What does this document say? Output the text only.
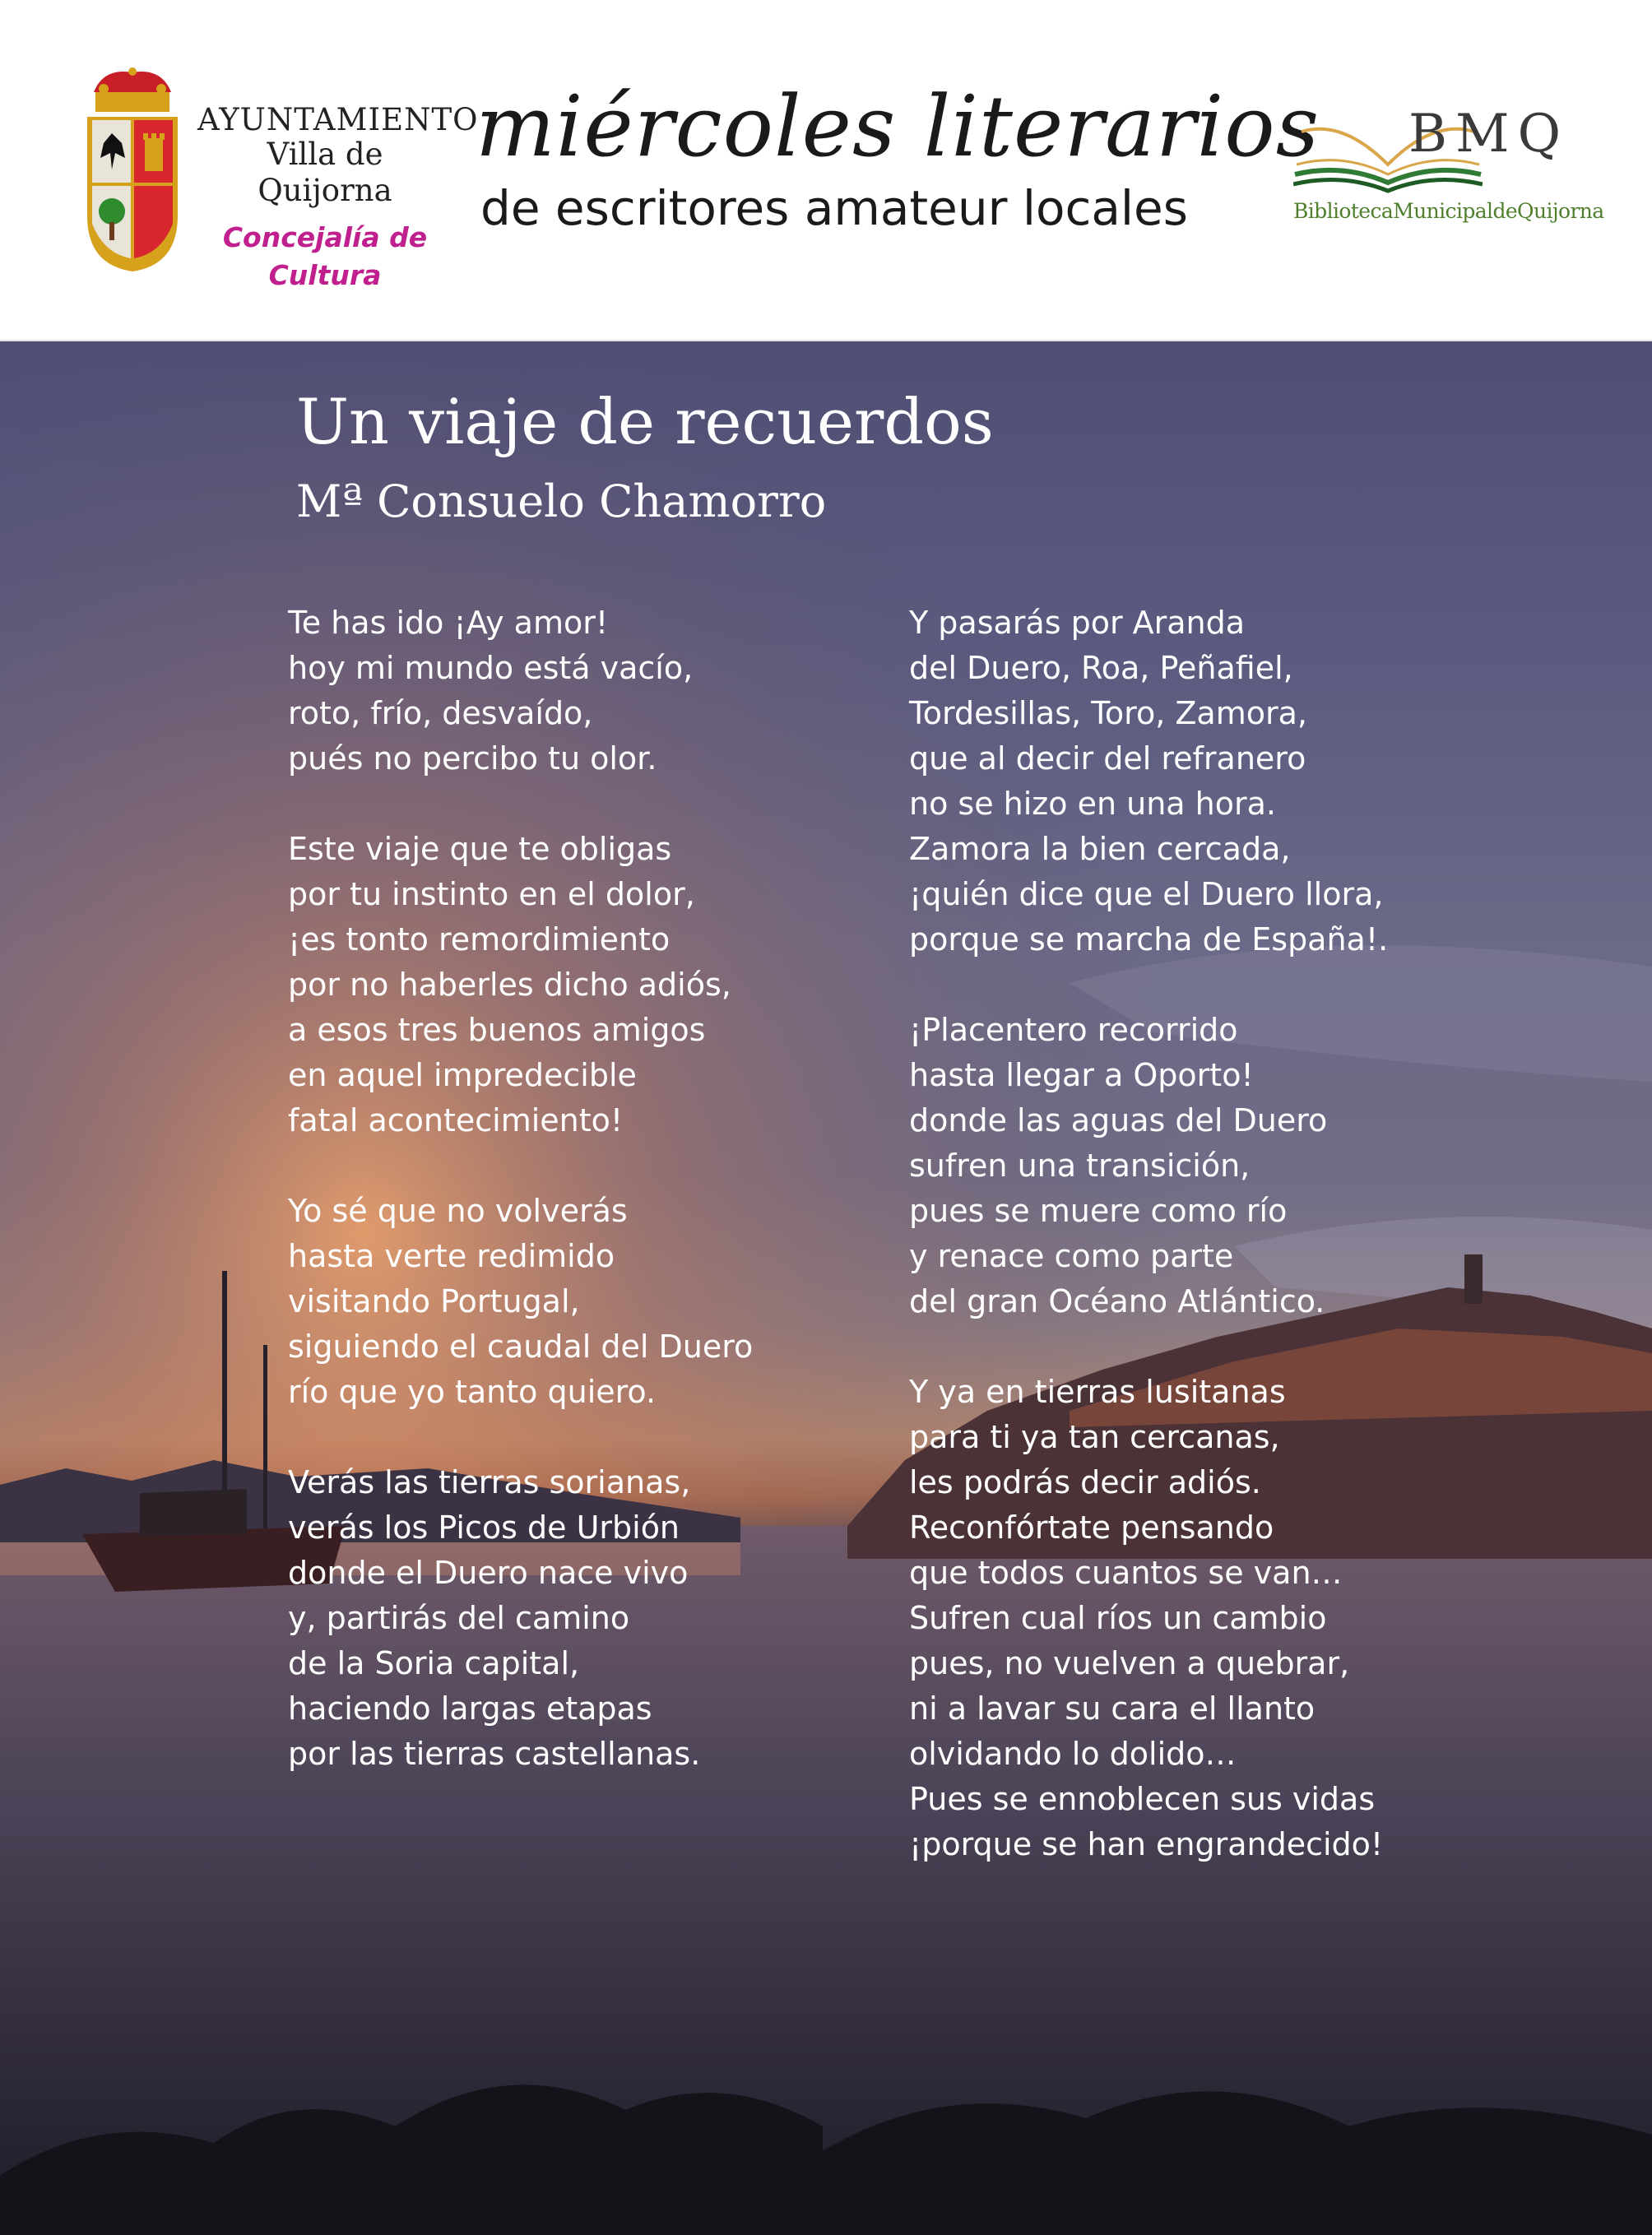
AYUNTAMIENTO
Villa de Quijorna
Concejalía de
Cultura
miércoles literarios
de escritores amateur locales
BMQ
BibliotecaMunicipaldeQuijorna
Un viaje de recuerdos
Mª Consuelo Chamorro
Te has ido ¡Ay amor!
hoy mi mundo está vacío,
roto, frío, desvaído,
pués no percibo tu olor.
Este viaje que te obligas
por tu instinto en el dolor,
¡es tonto remordimiento
por no haberles dicho adiós,
a esos tres buenos amigos
en aquel impredecible
fatal acontecimiento!
Yo sé que no volverás
hasta verte redimido
visitando Portugal,
siguiendo el caudal del Duero
río que yo tanto quiero.
Verás las tierras sorianas,
verás los Picos de Urbión
donde el Duero nace vivo
y, partirás del camino
de la Soria capital,
haciendo largas etapas
por las tierras castellanas.
Y pasarás por Aranda
del Duero, Roa, Peñafiel,
Tordesillas, Toro, Zamora,
que al decir del refranero
no se hizo en una hora.
Zamora la bien cercada,
¡quién dice que el Duero llora,
porque se marcha de España!.
¡Placentero recorrido
hasta llegar a Oporto!
donde las aguas del Duero
sufren una transición,
pues se muere como río
y renace como parte
del gran Océano Atlántico.
Y ya en tierras lusitanas
para ti ya tan cercanas,
les podrás decir adiós.
Reconfórtate pensando
que todos cuantos se van…
Sufren cual ríos un cambio
pues, no vuelven a quebrar,
ni a lavar su cara el llanto
olvidando lo dolido…
Pues se ennoblecen sus vidas
¡porque se han engrandecido!
